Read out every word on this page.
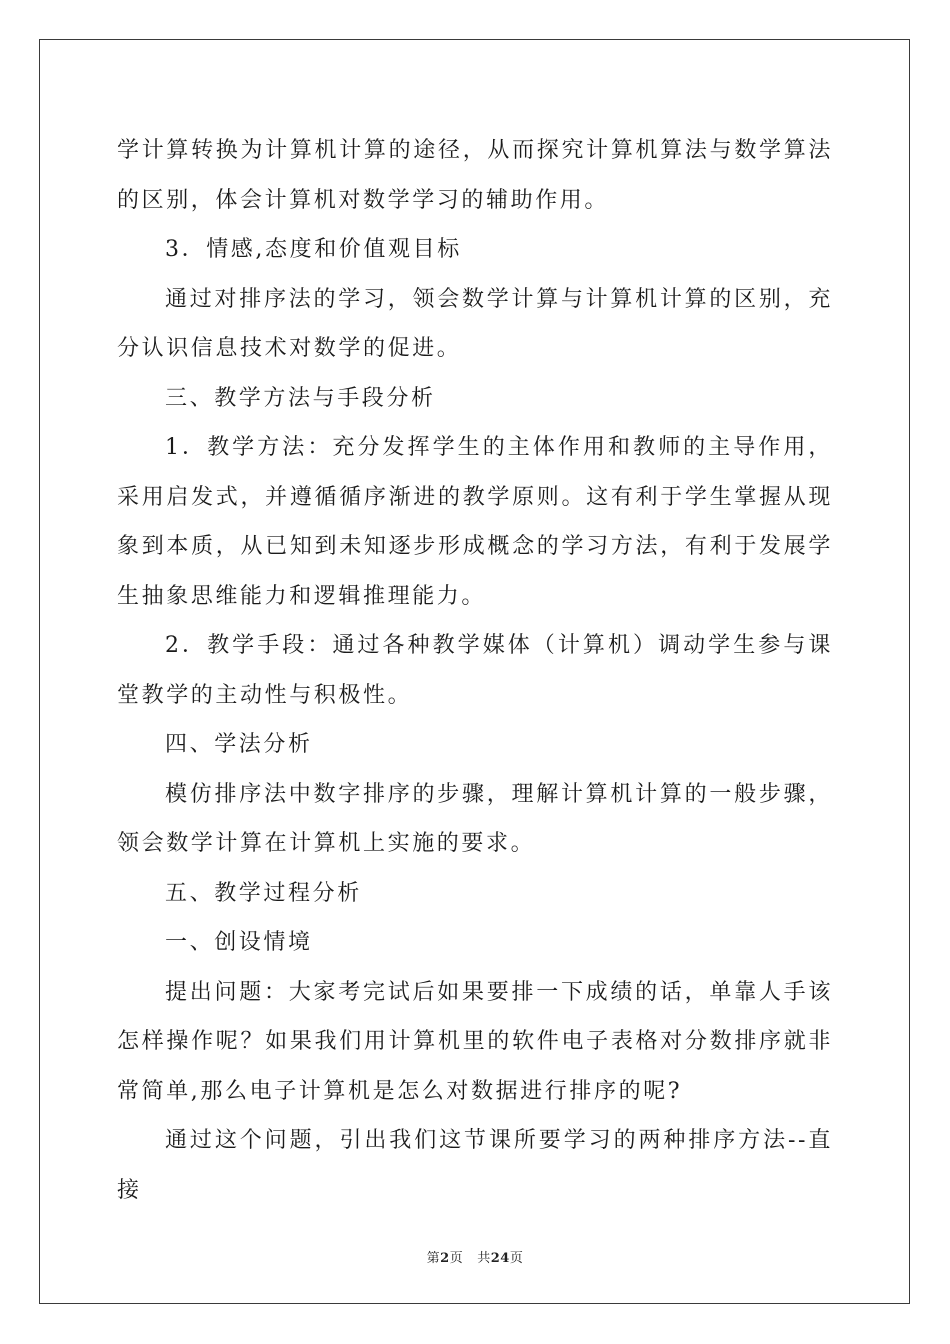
学计算转换为计算机计算的途径，从而探究计算机算法与数学算法的区别，体会计算机对数学学习的辅助作用。

3．情感,态度和价值观目标

通过对排序法的学习，领会数学计算与计算机计算的区别，充分认识信息技术对数学的促进。

三、教学方法与手段分析

1．教学方法：充分发挥学生的主体作用和教师的主导作用，采用启发式，并遵循循序渐进的教学原则。这有利于学生掌握从现象到本质，从已知到未知逐步形成概念的学习方法，有利于发展学生抽象思维能力和逻辑推理能力。

2．教学手段：通过各种教学媒体（计算机）调动学生参与课堂教学的主动性与积极性。

四、学法分析

模仿排序法中数字排序的步骤，理解计算机计算的一般步骤，领会数学计算在计算机上实施的要求。

五、教学过程分析

一、创设情境

提出问题：大家考完试后如果要排一下成绩的话，单靠人手该怎样操作呢？如果我们用计算机里的软件电子表格对分数排序就非常简单,那么电子计算机是怎么对数据进行排序的呢?

通过这个问题，引出我们这节课所要学习的两种排序方法--直接

第2页 共24页
